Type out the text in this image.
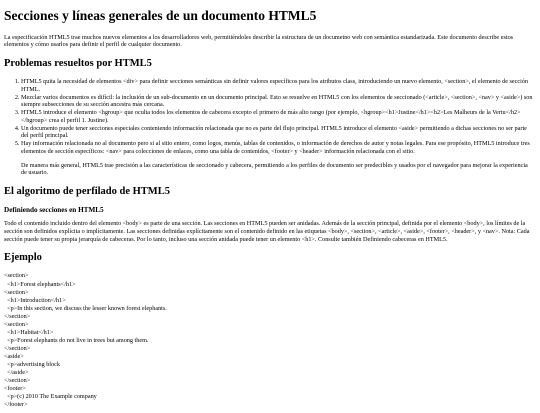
Secciones y líneas generales de un documento HTML5

La especificación HTML5 trae muchos nuevos elementos a los desarrolladores web, permitiéndoles describir la estructura de un documetno web con semántica estandarizada. Este documento describe estos elementos y cómo usarlos para definir el perfil de cualquier documento.

Problemas resueltos por HTML5
1. HTML5 quita la necesidad de elementos <div> para definir secciones semánticas sin definir valores específicos para los atributos class, introduciendo un nuevo elemento, <section>, el elemento de sección HTML.
2. Mezclar varios documentos es difícil: la inclusión de un sub-documento en un documento principal. Esto se resuelve en HTML5 con los elementos de seccionado (<article>, <section>, <nav> y <aside>) son siempre subsecciones de su sección ancestra más cercana.
3. HTML5 introduce el elemento <hgroup> que oculta todos los elementos de cabecera excepto el primero de más alto rango (por ejemplo, <hgroup><h1>Justine</h1><h2>Les Malheurs de la Vertu</h2></hgroup> crea el perfil 1. Justine).
4. Un documento puede tener secciones especiales conteniendo información relacionada que no es parte del flujo principal. HTML5 introduce el elemento <aside> permitiendo a dichas secciones no ser parte del perfil principal.
5. Hay información relacionada no al documento pero si al sitio entero, como logos, menús, tablas de contenidos, o información de derechos de autor y notas legales. Para ese propósito, HTML5 introduce tres elementos de sección específicos: <nav> para colecciones de enlaces, como una tabla de contenidos, <footer> y <header> información relacionada con el sitio.

De manera más general, HTML5 trae precisión a las características de seccionado y cabecera, permitiendo a los perfiles de documento ser predecibles y usados por el navegador para mejorar la experiencia de usuario.

El algoritmo de perfilado de HTML5
Definiendo secciones en HTML5

Todo el contenido incluido dentro del elemento <body> es parte de una sección. Las secciones en HTML5 pueden ser anidadas. Además de la sección principal, definida por el elemento <body>, los límites de la sección son definidos explícita o implícitamente. Las secciones definidas explícitamente son el contenido definido en las etiquetas <body>, <section>, <article>, <aside>, <footer>, <header>, y <nav>. Nota: Cada sección puede tener su propia jerarquía de cabeceras. Por lo tanto, incluso una sección anidada puede tener un elemento <h1>. Consulte también Definiendo cabeceras en HTML5.

Ejemplo
<section>
<h1>Forest elephants</h1>
<section>
<h1>Introduction</h1>
<p>In this section, we discuss the lesser known forest elephants.
</section>
<section>
<h1>Habitat</h1>
<p>Forest elephants do not live in trees but among them.
</section>
<aside>
<p>advertising block
</aside>
</section>
<footer>
<p>(c) 2010 The Example company
</footer>
